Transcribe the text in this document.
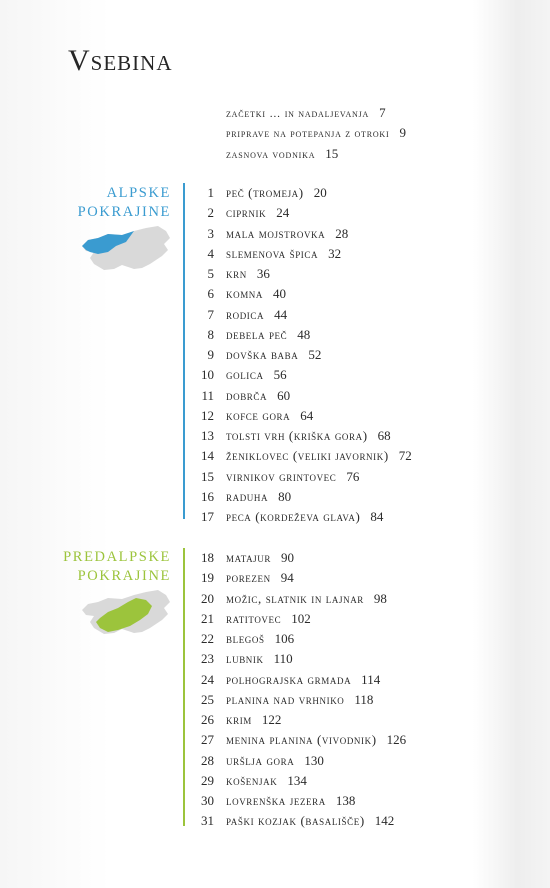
Vsebina
začetki … in nadaljevanja 7
priprave na potepanja z otroki 9
zasnova vodnika 15
ALPSKE
POKRAJINE
1 peč (tromeja) 20
2 ciprnik 24
3 mala mojstrovka 28
4 slemenova špica 32
5 krn 36
6 komna 40
7 rodica 44
8 debela peč 48
9 dovška baba 52
10 golica 56
11 dobrča 60
12 kofce gora 64
13 tolsti vrh (kriška gora) 68
14 ženiklovec (veliki javornik) 72
15 virnikov grintovec 76
16 raduha 80
17 peca (kordeževa glava) 84
PREDALPSKE
POKRAJINE
18 matajur 90
19 porezen 94
20 možic, slatnik in lajnar 98
21 ratitovec 102
22 blegoš 106
23 lubnik 110
24 polhograjska grmada 114
25 planina nad vrhniko 118
26 krim 122
27 menina planina (vivodnik) 126
28 uršlja gora 130
29 košenjak 134
30 lovrenška jezera 138
31 paški kozjak (basališče) 142
